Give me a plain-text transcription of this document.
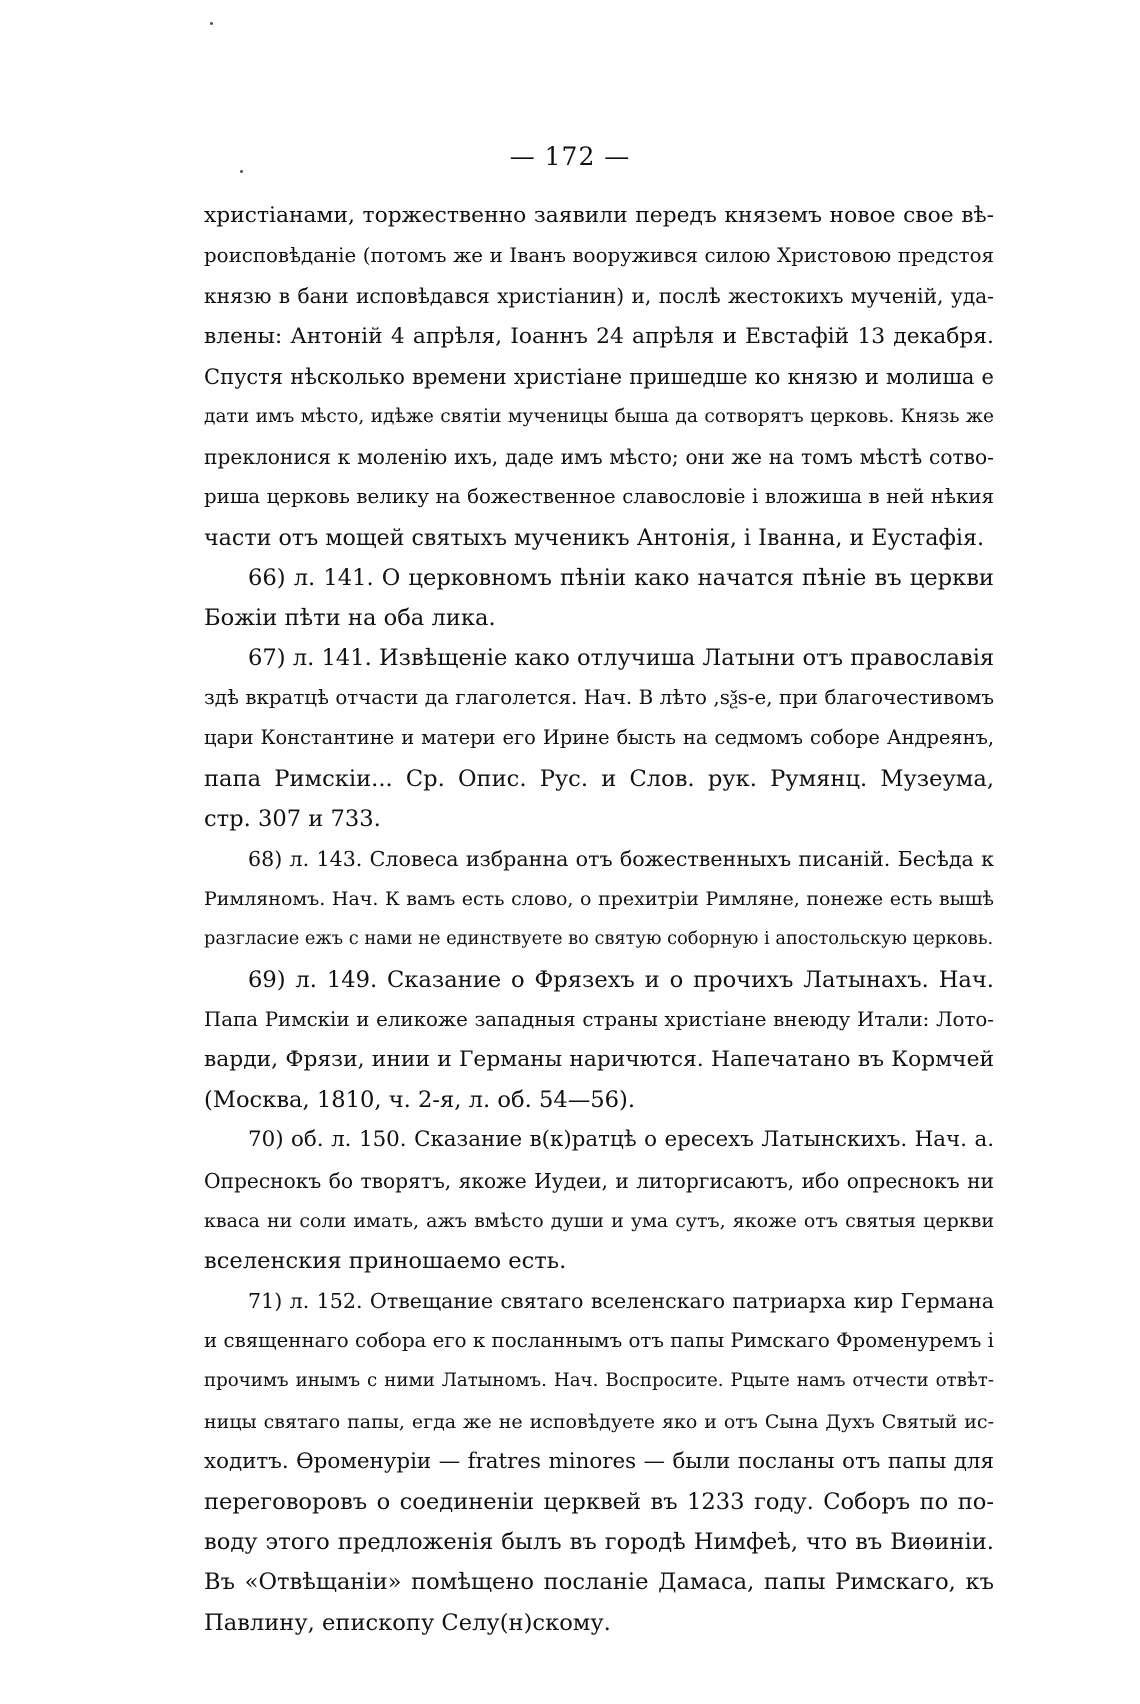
— 172 —
христіанами, торжественно заявили передъ княземъ новое свое вѣ-
роисповѣданіе (потомъ же и Іванъ вооружився силою Христовою предстоя
князю в бани исповѣдався христіанин) и, послѣ жестокихъ мученій, уда-
влены: Антоній 4 апрѣля, Іоаннъ 24 апрѣля и Евстафій 13 декабря.
Спустя нѣсколько времени христіане пришедше ко князю и молиша е
дати имъ мѣсто, идѣже святіи мученицы быша да сотворятъ церковь. Князь же
преклонися к моленію ихъ, даде имъ мѣсто; они же на томъ мѣстѣ сотво-
риша церковь велику на божественное славословіе і вложиша в ней нѣкия
части отъ мощей святыхъ мученикъ Антонія, і Іванна, и Еустафія.
66) л. 141. О церковномъ пѣніи како начатся пѣніе въ церкви
Божіи пѣти на оба лика.
67) л. 141. Извѣщеніе како отлучиша Латыни отъ православія
здѣ вкратцѣ отчасти да глаголется. Нач. В лѣто ,ѕѯѕ-е, при благочестивомъ
цари Константине и матери его Ирине бысть на седмомъ соборе Андреянъ,
папа Римскіи... Ср. Опис. Рус. и Слов. рук. Румянц. Музеума,
стр. 307 и 733.
68) л. 143. Словеса избранна отъ божественныхъ писаній. Бесѣда к
Римляномъ. Нач. К вамъ есть слово, о прехитріи Римляне, понеже есть вышѣ
разгласие ежъ с нами не единствуете во святую соборную і апостольскую церковь.
69) л. 149. Сказание о Фрязехъ и о прочихъ Латынахъ. Нач.
Папа Римскіи и еликоже западныя страны христіане внеюду Итали: Лото-
варди, Фрязи, инии и Германы наричются. Напечатано въ Кормчей
(Москва, 1810, ч. 2-я, л. об. 54—56).
70) об. л. 150. Сказание в(к)ратцѣ о ересехъ Латынскихъ. Нач. а.
Опреснокъ бо творятъ, якоже Иудеи, и литоргисаютъ, ибо опреснокъ ни
кваса ни соли имать, ажъ вмѣсто души и ума сутъ, якоже отъ святыя церкви
вселенския приношаемо есть.
71) л. 152. Отвещание святаго вселенскаго патриарха кир Германа
и священнаго собора его к посланнымъ отъ папы Римскаго Фроменуремъ і
прочимъ инымъ с ними Латыномъ. Нач. Воспросите. Рцыте намъ отчести отвѣт-
ницы святаго папы, егда же не исповѣдуете яко и отъ Сына Духъ Святый ис-
ходитъ. Ѳроменуріи — fratres minores — были посланы отъ папы для
переговоровъ о соединеніи церквей въ 1233 году. Соборъ по по-
воду этого предложенія былъ въ городѣ Нимфеѣ, что въ Виѳиніи.
Въ «Отвѣщаніи» помѣщено посланіе Дамаса, папы Римскаго, къ
Павлину, епископу Селу(н)скому.
